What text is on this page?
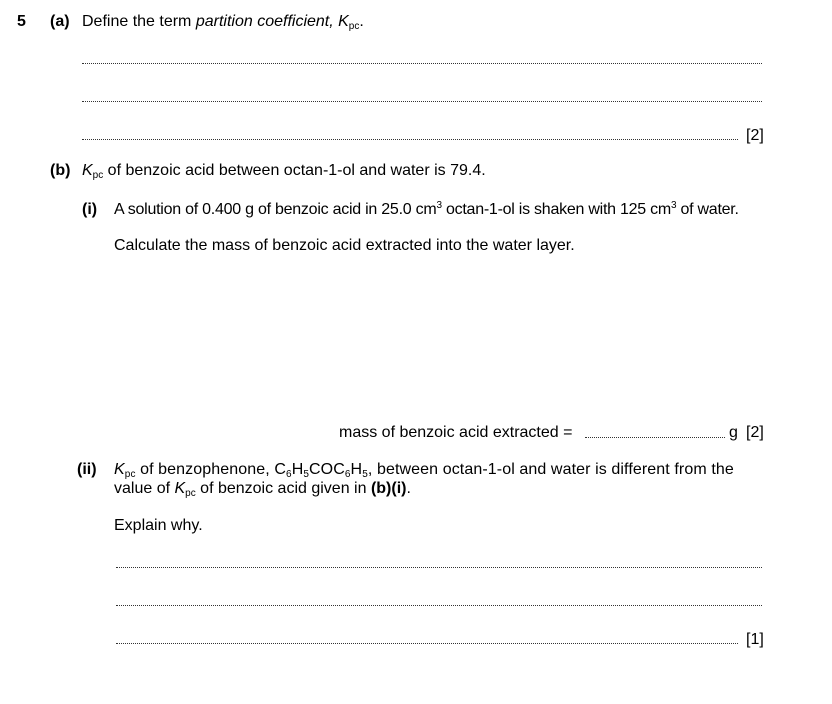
5 (a) Define the term partition coefficient, $K_{pc}$.
[2]
(b) $K_{pc}$ of benzoic acid between octan-1-ol and water is 79.4.
(i) A solution of 0.400 g of benzoic acid in 25.0 $cm^3$ octan-1-ol is shaken with 125 $cm^3$ of water.
Calculate the mass of benzoic acid extracted into the water layer.
mass of benzoic acid extracted =	g [2]
(ii) $K_{pc}$ of benzophenone, $C_6H_5COC_6H_5$, between octan-1-ol and water is different from the
value of $K_{pc}$ of benzoic acid given in (b)(i).
Explain why.
[1]
